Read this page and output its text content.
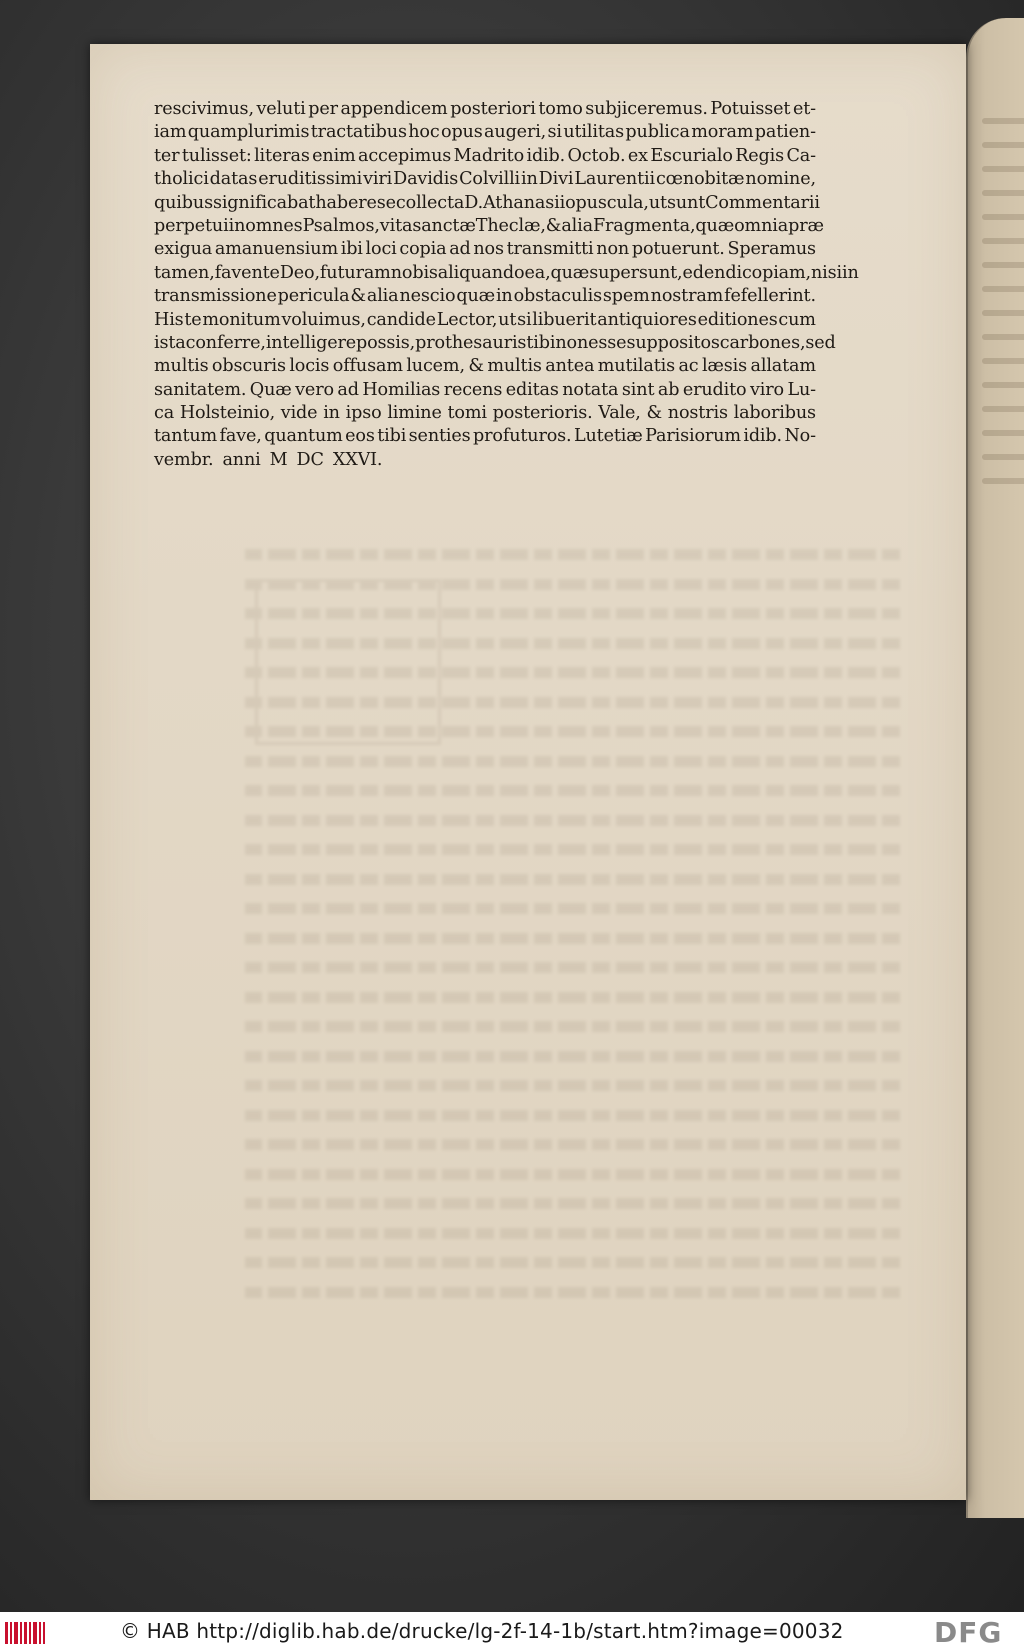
rescivimus, veluti per appendicem posteriori tomo subjiceremus. Potuisset et-
iam quamplurimis tractatibus hoc opus augeri, si utilitas publica moram patien-
ter tulisset: literas enim accepimus Madrito idib. Octob. ex Escurialo Regis Ca-
tholici datas eruditissimi viri Davidis Colvilli in Divi Laurentii cœnobitæ nomine,
quibus significabat habere se collecta D. Athanasii opuscula, ut sunt Commentarii
perpetui in omnes Psalmos, vita sanctæ Theclæ, & alia Fragmenta, quæ omnia præ
exigua amanuensium ibi loci copia ad nos transmitti non potuerunt. Speramus
tamen, favente Deo, futuram nobis aliquando ea, quæ supersunt, edendi copiam, nisi in
transmissione pericula & alia nescio quæ in obstaculis spem nostram fefellerint.
His te monitum voluimus, candide Lector, ut si libuerit antiquiores editiones cum
ista conferre, intelligere possis, pro thesauris tibi non esse suppositos carbones, sed
multis obscuris locis offusam lucem, & multis antea mutilatis ac læsis allatam
sanitatem. Quæ vero ad Homilias recens editas notata sint ab erudito viro Lu-
ca Holsteinio, vide in ipso limine tomi posterioris. Vale, & nostris laboribus
tantum fave, quantum eos tibi senties profuturos. Lutetiæ Parisiorum idib. No-
vembr. anni M DC XXVI.
© HAB http://diglib.hab.de/drucke/lg-2f-14-1b/start.htm?image=00032	DFG
